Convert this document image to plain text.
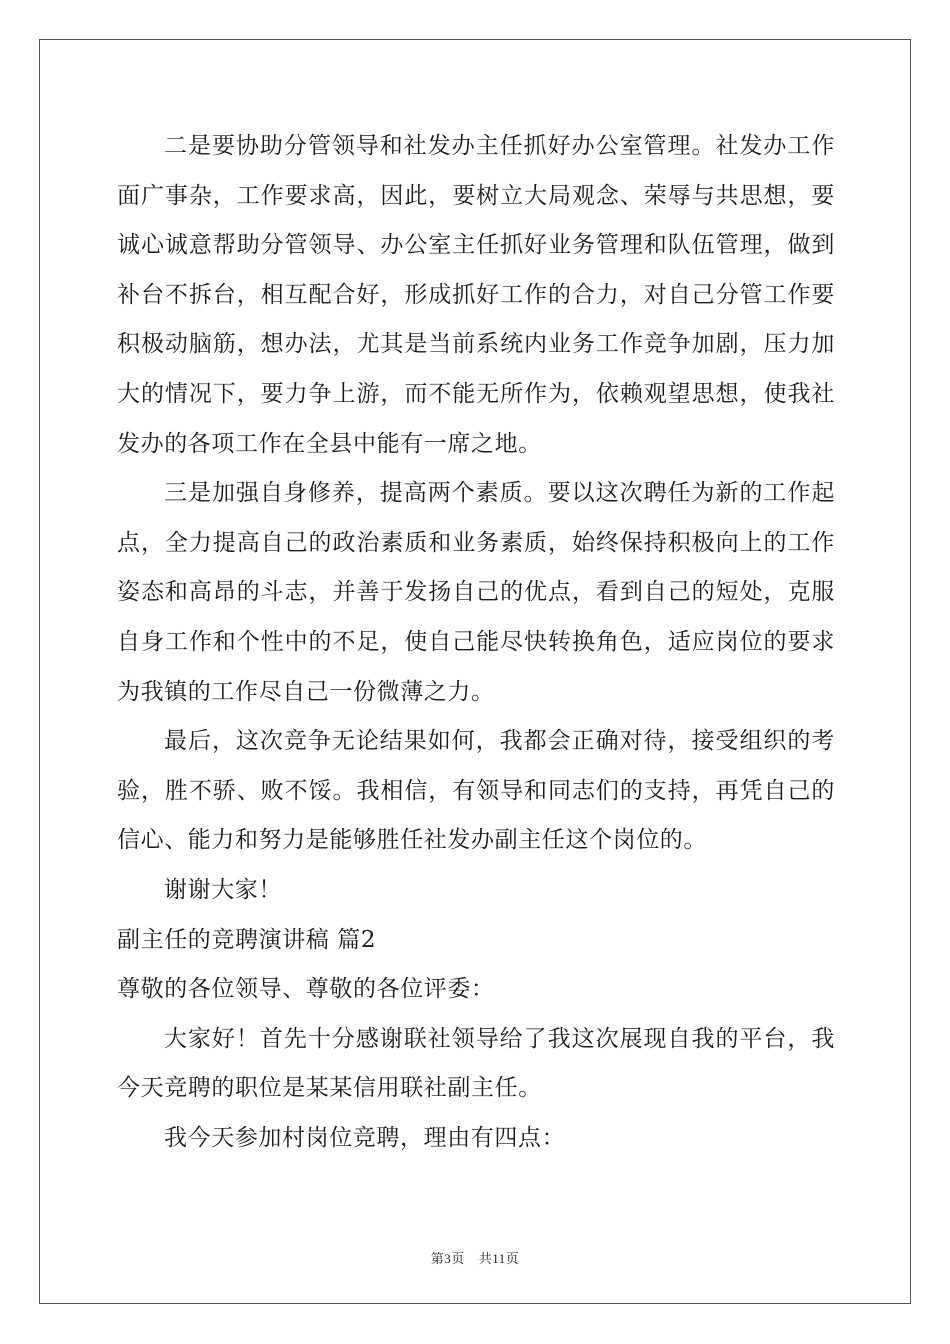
二是要协助分管领导和社发办主任抓好办公室管理。社发办工作面广事杂，工作要求高，因此，要树立大局观念、荣辱与共思想，要诚心诚意帮助分管领导、办公室主任抓好业务管理和队伍管理，做到补台不拆台，相互配合好，形成抓好工作的合力，对自己分管工作要积极动脑筋，想办法，尤其是当前系统内业务工作竞争加剧，压力加大的情况下，要力争上游，而不能无所作为，依赖观望思想，使我社发办的各项工作在全县中能有一席之地。

三是加强自身修养，提高两个素质。要以这次聘任为新的工作起点，全力提高自己的政治素质和业务素质，始终保持积极向上的工作姿态和高昂的斗志，并善于发扬自己的优点，看到自己的短处，克服自身工作和个性中的不足，使自己能尽快转换角色，适应岗位的要求为我镇的工作尽自己一份微薄之力。

最后，这次竞争无论结果如何，我都会正确对待，接受组织的考验，胜不骄、败不馁。我相信，有领导和同志们的支持，再凭自己的信心、能力和努力是能够胜任社发办副主任这个岗位的。

谢谢大家！

副主任的竞聘演讲稿 篇2

尊敬的各位领导、尊敬的各位评委：

大家好！首先十分感谢联社领导给了我这次展现自我的平台，我今天竞聘的职位是某某信用联社副主任。

我今天参加村岗位竞聘，理由有四点：

第3页 共11页
